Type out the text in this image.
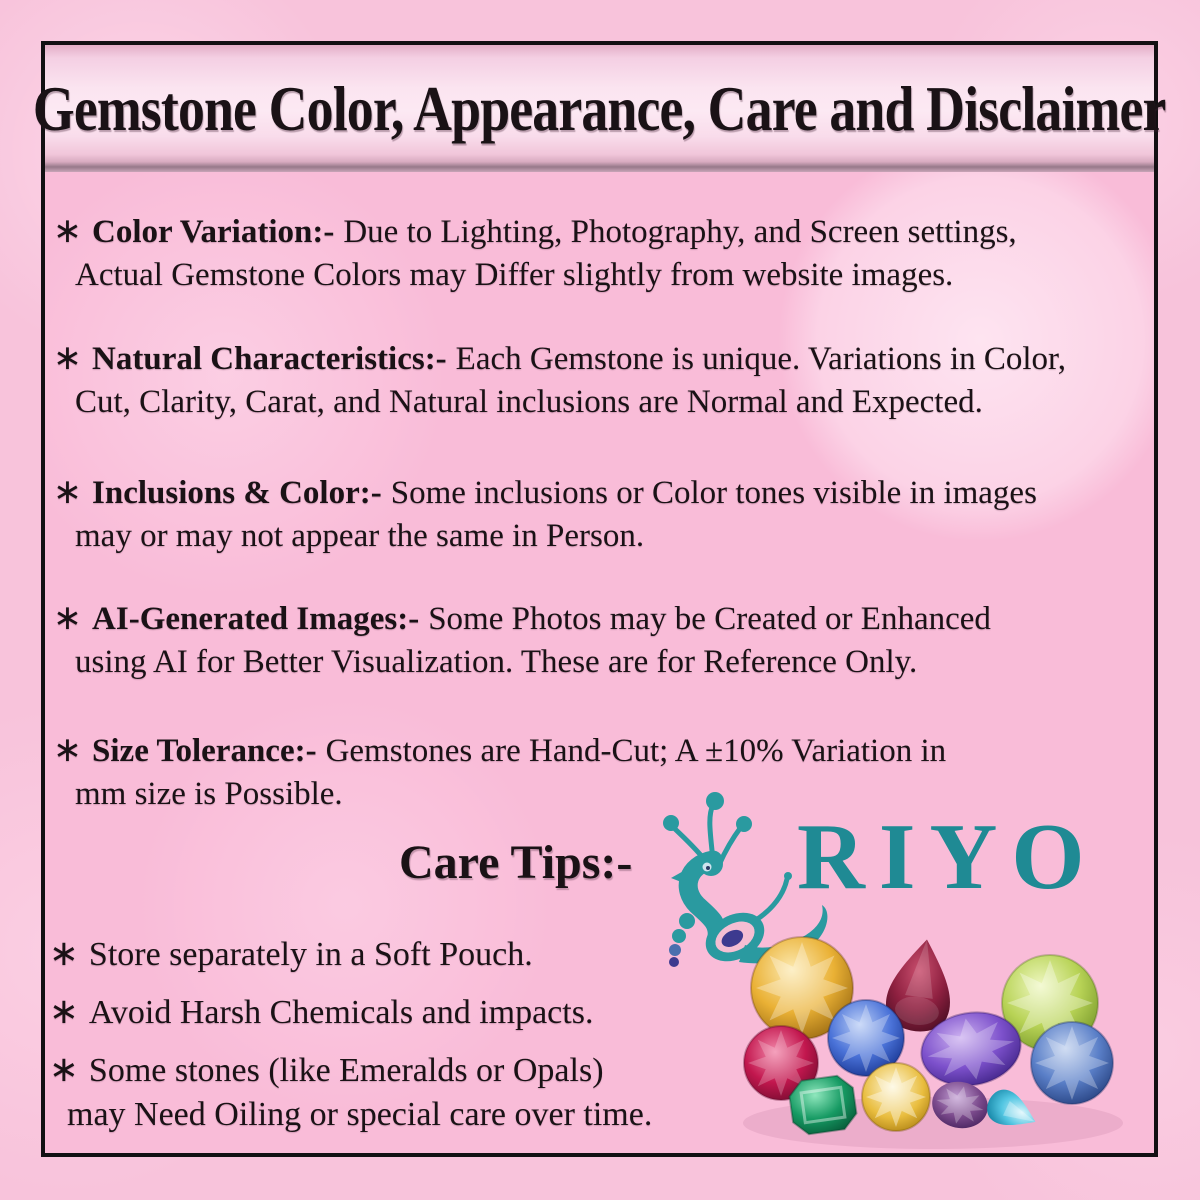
Gemstone Color, Appearance, Care and Disclaimer
∗ Color Variation:- Due to Lighting, Photography, and Screen settings,
Actual Gemstone Colors may Differ slightly from website images.
∗ Natural Characteristics:- Each Gemstone is unique. Variations in Color,
Cut, Clarity, Carat, and Natural inclusions are Normal and Expected.
∗ Inclusions & Color:- Some inclusions or Color tones visible in images
may or may not appear the same in Person.
∗ AI-Generated Images:- Some Photos may be Created or Enhanced
using AI for Better Visualization. These are for Reference Only.
∗ Size Tolerance:- Gemstones are Hand-Cut; A ±10% Variation in
mm size is Possible.
Care Tips:-
∗ Store separately in a Soft Pouch.
∗ Avoid Harsh Chemicals and impacts.
∗ Some stones (like Emeralds or Opals)
may Need Oiling or special care over time.
RIYO
